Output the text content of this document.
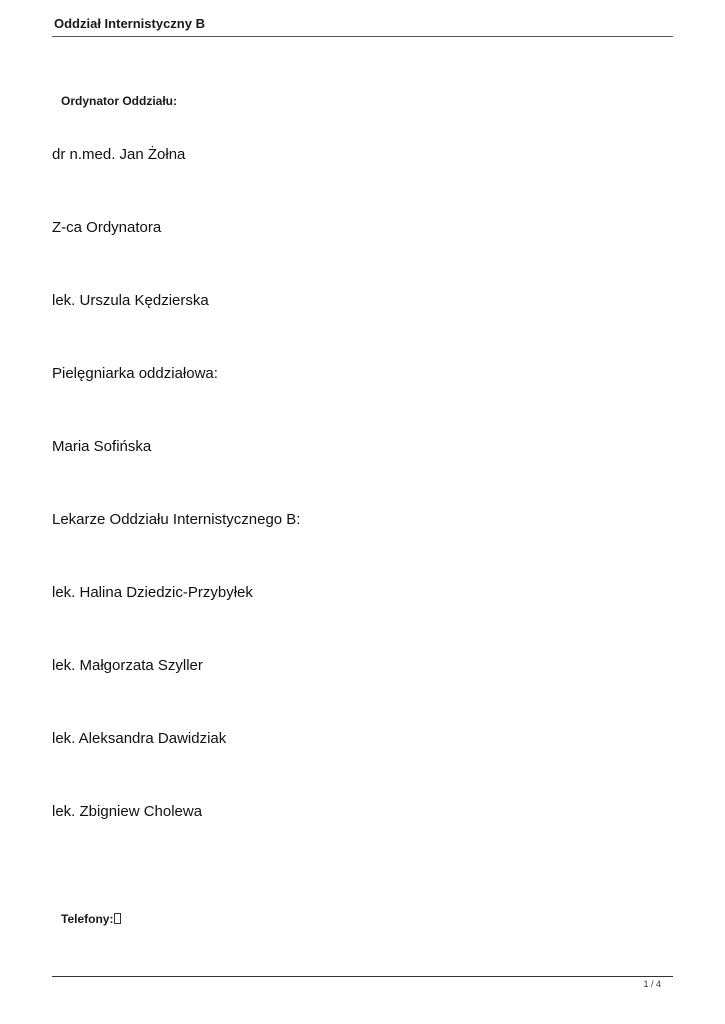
Oddział Internistyczny B
Ordynator Oddziału:
dr n.med. Jan Żołna
Z-ca Ordynatora
lek. Urszula Kędzierska
Pielęgniarka oddziałowa:
Maria Sofińska
Lekarze Oddziału Internistycznego B:
lek. Halina Dziedzic-Przybyłek
lek. Małgorzata Szyller
lek. Aleksandra Dawidziak
lek. Zbigniew Cholewa
Telefony:
1 / 4
